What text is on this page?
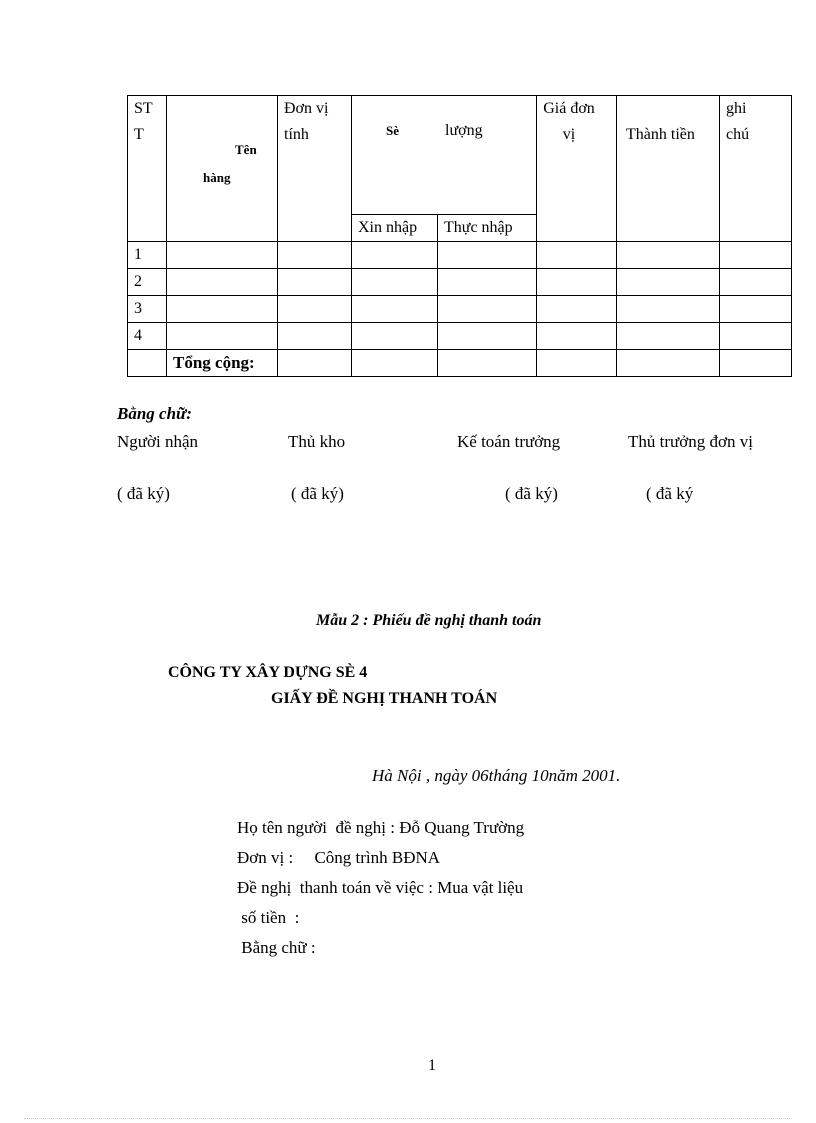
ST T	Tên hàng	Đơn vị tính	Sè lượng		Giá đơn vị	Thành tiền	ghi chú

			Xin nhập	Thực nhập			
1							
2							
3							
4							
	Tổng cộng:						
Bằng chữ:
Người nhận	Thủ kho	Kế toán trưởng	Thủ trưởng đơn vị
( đã ký)	( đã ký)	( đã ký)	( đã ký
Mẫu 2 : Phiếu đề nghị thanh toán
CÔNG TY XÂY DỰNG SÈ 4
GIẤY ĐỀ NGHỊ THANH TOÁN
Hà Nội , ngày 06tháng 10năm 2001.
Họ tên người  đề nghị : Đỗ Quang Trường
Đơn vị :     Công trình BĐNA
Đề nghị  thanh toán về việc : Mua vật liệu
số tiền  :
Bằng chữ :
1
